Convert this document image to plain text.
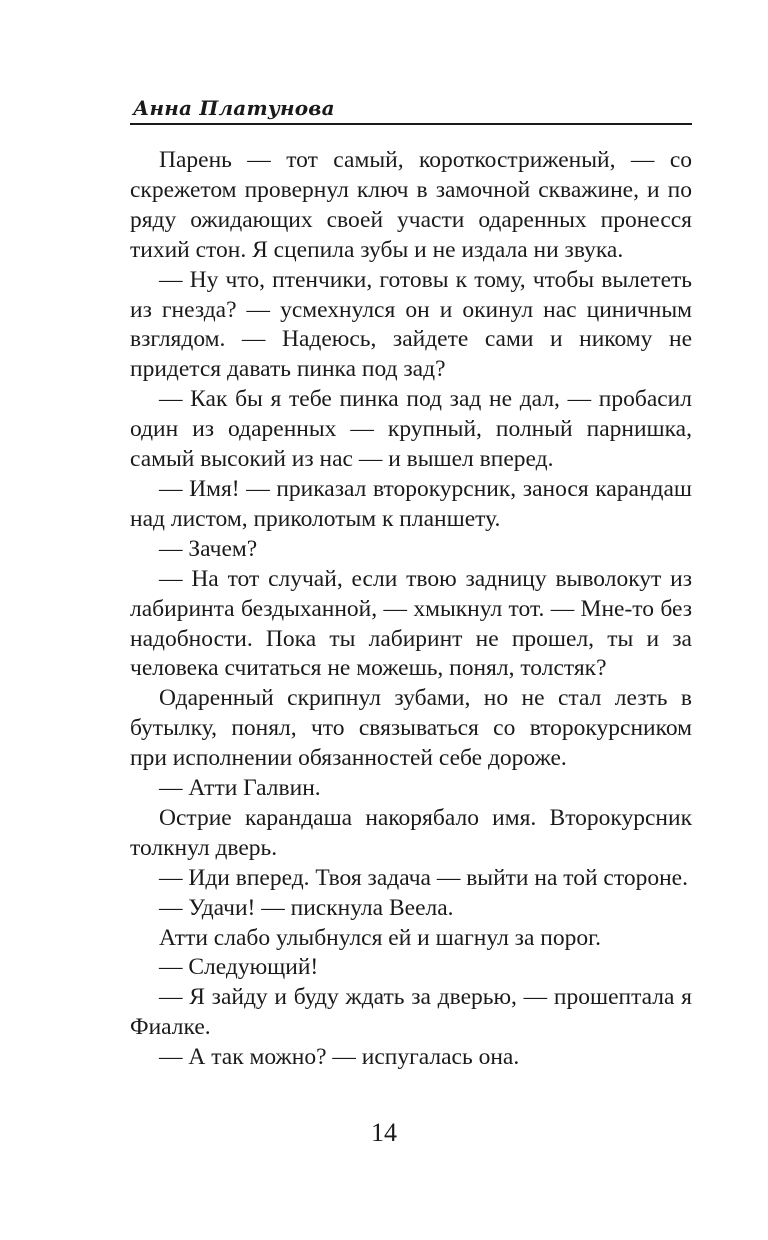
Анна Платунова

Парень — тот самый, короткостриженый, — со скрежетом провернул ключ в замочной скважине, и по ряду ожидающих своей участи одаренных пронесся тихий стон. Я сцепила зубы и не издала ни звука.

— Ну что, птенчики, готовы к тому, чтобы вылететь из гнезда? — усмехнулся он и окинул нас циничным взглядом. — Надеюсь, зайдете сами и никому не придется давать пинка под зад?

— Как бы я тебе пинка под зад не дал, — пробасил один из одаренных — крупный, полный парнишка, самый высокий из нас — и вышел вперед.

— Имя! — приказал второкурсник, занося карандаш над листом, приколотым к планшету.

— Зачем?

— На тот случай, если твою задницу выволокут из лабиринта бездыханной, — хмыкнул тот. — Мне-то без надобности. Пока ты лабиринт не прошел, ты и за человека считаться не можешь, понял, толстяк?

Одаренный скрипнул зубами, но не стал лезть в бутылку, понял, что связываться со второкурсником при исполнении обязанностей себе дороже.

— Атти Галвин.

Острие карандаша накорябало имя. Второкурсник толкнул дверь.

— Иди вперед. Твоя задача — выйти на той стороне.

— Удачи! — пискнула Веела.

Атти слабо улыбнулся ей и шагнул за порог.

— Следующий!

— Я зайду и буду ждать за дверью, — прошептала я Фиалке.

— А так можно? — испугалась она.

14
